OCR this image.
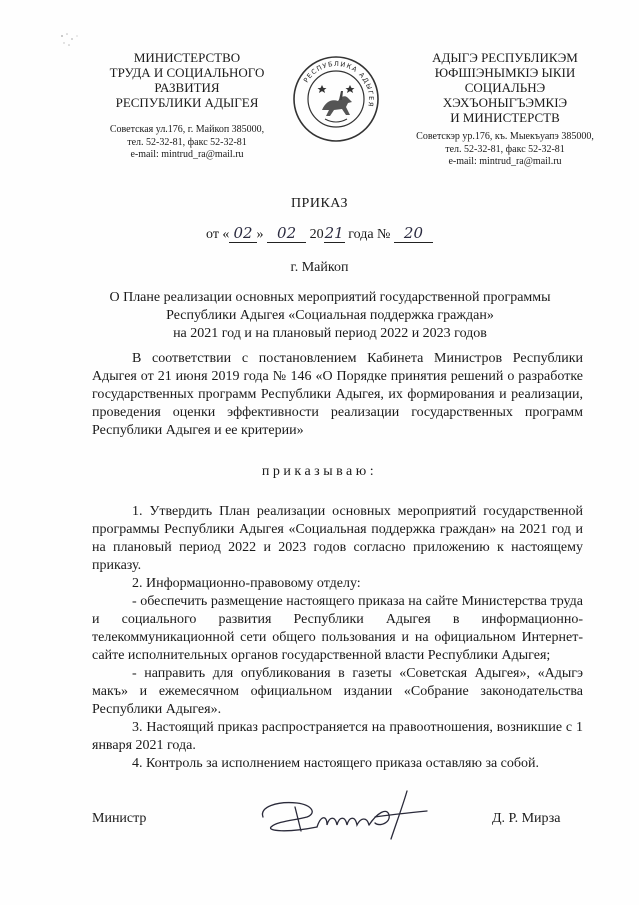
МИНИСТЕРСТВО
ТРУДА И СОЦИАЛЬНОГО
РАЗВИТИЯ
РЕСПУБЛИКИ АДЫГЕЯ
Советская ул.176, г. Майкоп 385000,
тел. 52-32-81, факс 52-32-81
e-mail: mintrud_ra@mail.ru
РЕСПУБЛИКА АДЫГЕЯ
АДЫГЭ РЕСПУБЛИКЭМ
ЮФШIЭНЫМКIЭ ЫКIИ
СОЦИАЛЬНЭ
ХЭХЪОНЫГЪЭМКIЭ
И МИНИСТЕРСТВ
Советскэр ур.176, къ. Мыекъуапэ 385000,
тел. 52-32-81, факс 52-32-81
e-mail: mintrud_ra@mail.ru
ПРИКАЗ
от « 02 » 02 2021 года № 20
г. Майкоп
О Плане реализации основных мероприятий государственной программы
Республики Адыгея «Социальная поддержка граждан»
на 2021 год и на плановый период 2022 и 2023 годов
В соответствии с постановлением Кабинета Министров Республики Адыгея от 21 июня 2019 года № 146 «О Порядке принятия решений о разработке государственных программ Республики Адыгея, их формирования и реализации, проведения оценки эффективности реализации государственных программ Республики Адыгея и ее критерии»
приказываю:

1. Утвердить План реализации основных мероприятий государственной программы Республики Адыгея «Социальная поддержка граждан» на 2021 год и на плановый период 2022 и 2023 годов согласно приложению к настоящему приказу.

2. Информационно-правовому отделу:

- обеспечить размещение настоящего приказа на сайте Министерства труда и социального развития Республики Адыгея в информационно-телекоммуникационной сети общего пользования и на официальном Интернет-сайте исполнительных органов государственной власти Республики Адыгея;

- направить для опубликования в газеты «Советская Адыгея», «Адыгэ макъ» и ежемесячном официальном издании «Собрание законодательства Республики Адыгея».

3. Настоящий приказ распространяется на правоотношения, возникшие с 1 января 2021 года.

4. Контроль за исполнением настоящего приказа оставляю за собой.

Министр	Д. Р. Мирза
